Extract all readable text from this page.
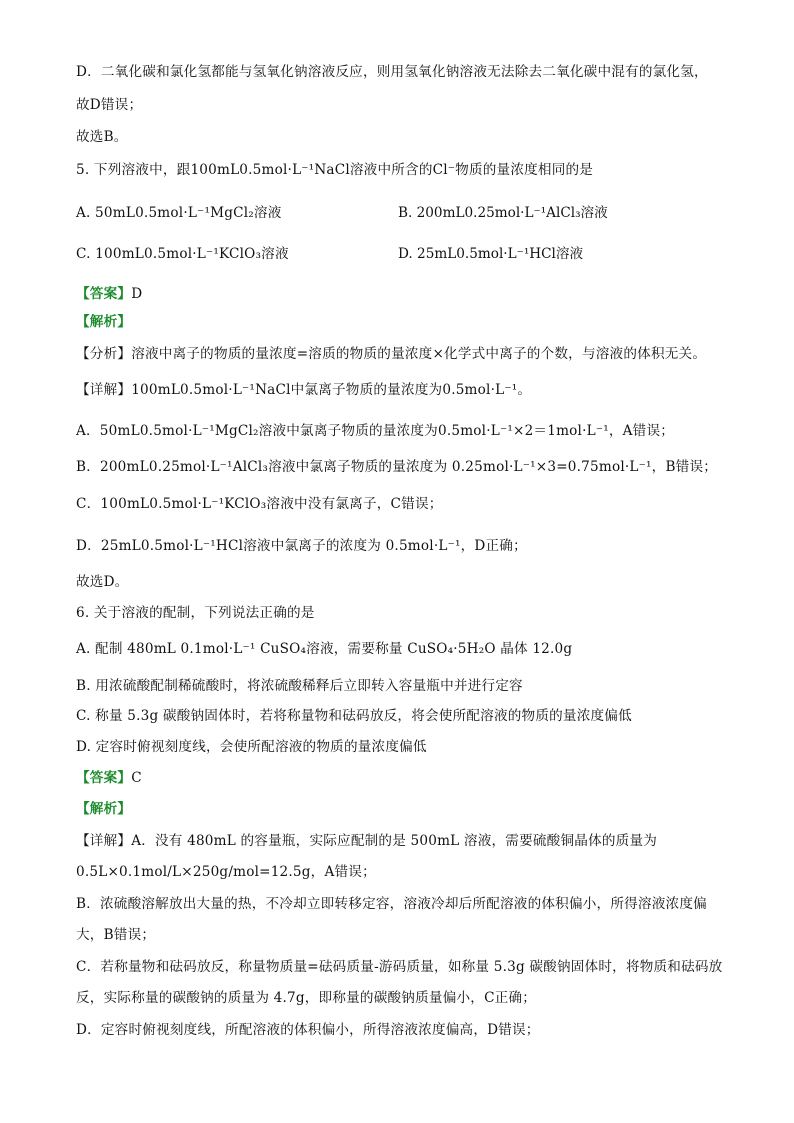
D．二氧化碳和氯化氢都能与氢氧化钠溶液反应，则用氢氧化钠溶液无法除去二氧化碳中混有的氯化氢，
故D错误；
故选B。
5. 下列溶液中，跟100mL0.5mol·L⁻¹NaCl溶液中所含的Cl⁻物质的量浓度相同的是
A. 50mL0.5mol·L⁻¹MgCl₂溶液	B. 200mL0.25mol·L⁻¹AlCl₃溶液
C. 100mL0.5mol·L⁻¹KClO₃溶液	D. 25mL0.5mol·L⁻¹HCl溶液
【答案】D
【解析】
【分析】溶液中离子的物质的量浓度=溶质的物质的量浓度×化学式中离子的个数，与溶液的体积无关。
【详解】100mL0.5mol·L⁻¹NaCl中氯离子物质的量浓度为0.5mol·L⁻¹。
A．50mL0.5mol·L⁻¹MgCl₂溶液中氯离子物质的量浓度为0.5mol·L⁻¹×2＝1mol·L⁻¹，A错误；
B．200mL0.25mol·L⁻¹AlCl₃溶液中氯离子物质的量浓度为 0.25mol·L⁻¹×3=0.75mol·L⁻¹，B错误；
C．100mL0.5mol·L⁻¹KClO₃溶液中没有氯离子，C错误；
D．25mL0.5mol·L⁻¹HCl溶液中氯离子的浓度为 0.5mol·L⁻¹，D正确；
故选D。
6. 关于溶液的配制，下列说法正确的是
A. 配制 480mL 0.1mol·L⁻¹ CuSO₄溶液，需要称量 CuSO₄·5H₂O 晶体 12.0g
B. 用浓硫酸配制稀硫酸时，将浓硫酸稀释后立即转入容量瓶中并进行定容
C. 称量 5.3g 碳酸钠固体时，若将称量物和砝码放反，将会使所配溶液的物质的量浓度偏低
D. 定容时俯视刻度线，会使所配溶液的物质的量浓度偏低
【答案】C
【解析】
【详解】A．没有 480mL 的容量瓶，实际应配制的是 500mL 溶液，需要硫酸铜晶体的质量为
0.5L×0.1mol/L×250g/mol=12.5g，A错误；
B．浓硫酸溶解放出大量的热，不冷却立即转移定容，溶液冷却后所配溶液的体积偏小，所得溶液浓度偏
大，B错误；
C．若称量物和砝码放反，称量物质量=砝码质量-游码质量，如称量 5.3g 碳酸钠固体时，将物质和砝码放
反，实际称量的碳酸钠的质量为 4.7g，即称量的碳酸钠质量偏小，C正确；
D．定容时俯视刻度线，所配溶液的体积偏小，所得溶液浓度偏高，D错误；
